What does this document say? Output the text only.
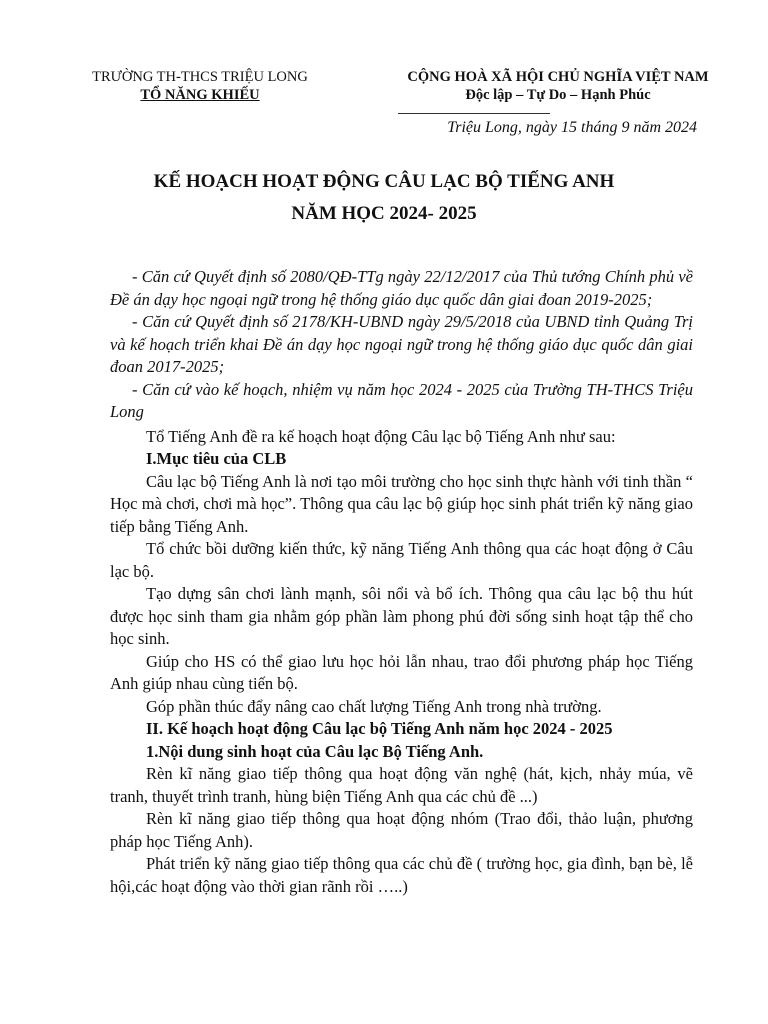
TRƯỜNG TH-THCS TRIỆU LONG
TỔ NĂNG KHIẾU
CỘNG HOÀ XÃ HỘI CHỦ NGHĨA VIỆT NAM
Độc lập – Tự Do – Hạnh Phúc
Triệu Long, ngày 15 tháng 9 năm 2024
KẾ HOẠCH HOẠT ĐỘNG CÂU LẠC BỘ TIẾNG ANH
NĂM HỌC 2024- 2025

- Căn cứ Quyết định số 2080/QĐ-TTg ngày 22/12/2017 của Thủ tướng Chính phủ về Đề án dạy học ngoại ngữ trong hệ thống giáo dục quốc dân giai đoan 2019-2025;

- Căn cứ Quyết định số 2178/KH-UBND ngày 29/5/2018 của UBND tỉnh Quảng Trị và kế hoạch triển khai Đề án dạy học ngoại ngữ trong hệ thống giáo dục quốc dân giai đoan 2017-2025;

- Căn cứ vào kế hoạch, nhiệm vụ năm học 2024 - 2025 của Trường TH-THCS Triệu Long

Tổ Tiếng Anh đề ra kế hoạch hoạt động Câu lạc bộ Tiếng Anh như sau:

I.Mục tiêu của CLB

Câu lạc bộ Tiếng Anh là nơi tạo môi trường cho học sinh thực hành với tinh thần “ Học mà chơi, chơi mà học”. Thông qua câu lạc bộ giúp học sinh phát triển kỹ năng giao tiếp bằng Tiếng Anh.

Tổ chức bồi dưỡng kiến thức, kỹ năng Tiếng Anh thông qua các hoạt động ở Câu lạc bộ.

Tạo dựng sân chơi lành mạnh, sôi nổi và bổ ích. Thông qua câu lạc bộ thu hút được học sinh tham gia nhằm góp phần làm phong phú đời sống sinh hoạt tập thể cho học sinh.

Giúp cho HS có thể giao lưu học hỏi lẫn nhau, trao đổi phương pháp học Tiếng Anh giúp nhau cùng tiến bộ.

Góp phần thúc đẩy nâng cao chất lượng Tiếng Anh trong nhà trường.

II. Kế hoạch hoạt động Câu lạc bộ Tiếng Anh năm học 2024 - 2025

1.Nội dung sinh hoạt của Câu lạc Bộ Tiếng Anh.

Rèn kĩ năng giao tiếp thông qua hoạt động văn nghệ (hát, kịch, nhảy múa, vẽ tranh, thuyết trình tranh, hùng biện Tiếng Anh qua các chủ đề ...)

Rèn kĩ năng giao tiếp thông qua hoạt động nhóm (Trao đổi, thảo luận, phương pháp học Tiếng Anh).

Phát triển kỹ năng giao tiếp thông qua các chủ đề ( trường học, gia đình, bạn bè, lễ hội,các hoạt động vào thời gian rãnh rồi …..)
